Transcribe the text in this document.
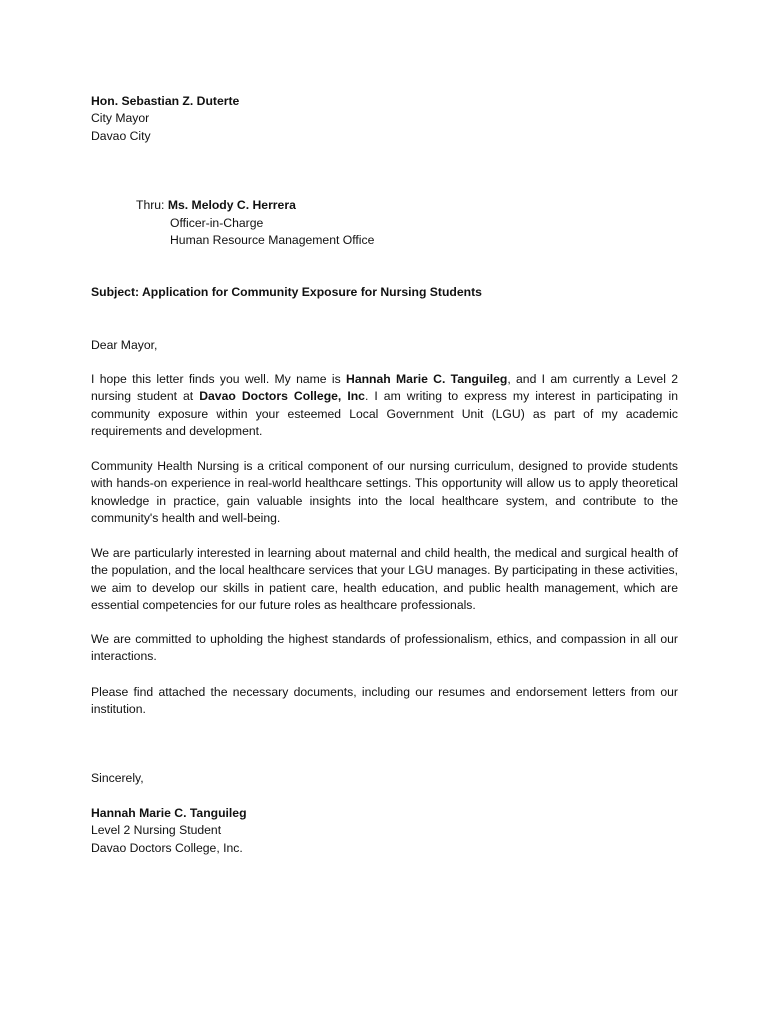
Hon. Sebastian Z. Duterte
City Mayor
Davao City
Thru: Ms. Melody C. Herrera
Officer-in-Charge
Human Resource Management Office
Subject: Application for Community Exposure for Nursing Students
Dear Mayor,
I hope this letter finds you well. My name is Hannah Marie C. Tanguileg, and I am currently a Level 2 nursing student at Davao Doctors College, Inc. I am writing to express my interest in participating in community exposure within your esteemed Local Government Unit (LGU) as part of my academic requirements and development.
Community Health Nursing is a critical component of our nursing curriculum, designed to provide students with hands-on experience in real-world healthcare settings. This opportunity will allow us to apply theoretical knowledge in practice, gain valuable insights into the local healthcare system, and contribute to the community's health and well-being.
We are particularly interested in learning about maternal and child health, the medical and surgical health of the population, and the local healthcare services that your LGU manages. By participating in these activities, we aim to develop our skills in patient care, health education, and public health management, which are essential competencies for our future roles as healthcare professionals.
We are committed to upholding the highest standards of professionalism, ethics, and compassion in all our interactions.
Please find attached the necessary documents, including our resumes and endorsement letters from our institution.
Sincerely,
Hannah Marie C. Tanguileg
Level 2 Nursing Student
Davao Doctors College, Inc.
